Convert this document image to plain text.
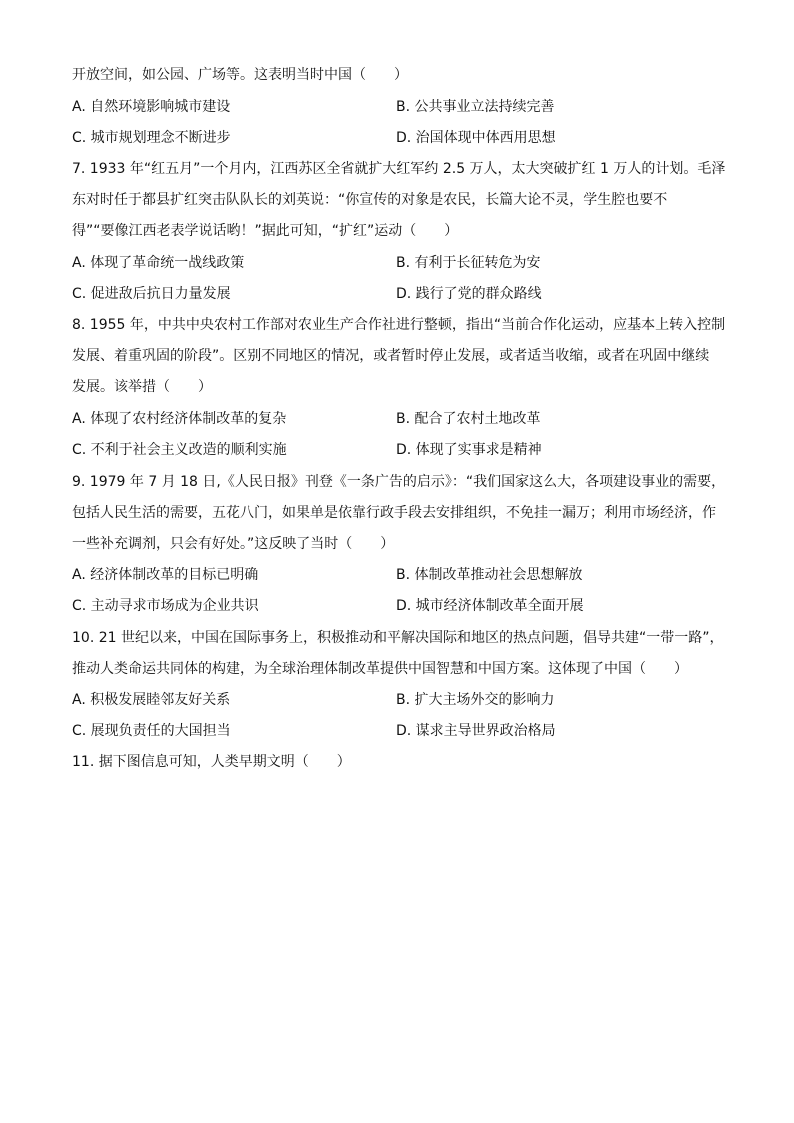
开放空间，如公园、广场等。这表明当时中国（　　）
A. 自然环境影响城市建设	B. 公共事业立法持续完善
C. 城市规划理念不断进步	D. 治国体现中体西用思想
7. 1933 年“红五月”一个月内，江西苏区全省就扩大红军约 2.5 万人，太大突破扩红 1 万人的计划。毛泽
东对时任于都县扩红突击队队长的刘英说：“你宣传的对象是农民，长篇大论不灵，学生腔也要不
得”“要像江西老表学说话哟！”据此可知，“扩红”运动（　　）
A. 体现了革命统一战线政策	B. 有利于长征转危为安
C. 促进敌后抗日力量发展	D. 践行了党的群众路线
8. 1955 年，中共中央农村工作部对农业生产合作社进行整顿，指出“当前合作化运动，应基本上转入控制
发展、着重巩固的阶段”。区别不同地区的情况，或者暂时停止发展，或者适当收缩，或者在巩固中继续
发展。该举措（　　）
A. 体现了农村经济体制改革的复杂	B. 配合了农村土地改革
C. 不利于社会主义改造的顺利实施	D. 体现了实事求是精神
9. 1979 年 7 月 18 日,《人民日报》刊登《一条广告的启示》：“我们国家这么大，各项建设事业的需要，
包括人民生活的需要，五花八门，如果单是依靠行政手段去安排组织，不免挂一漏万；利用市场经济，作
一些补充调剂，只会有好处。”这反映了当时（　　）
A. 经济体制改革的目标已明确	B. 体制改革推动社会思想解放
C. 主动寻求市场成为企业共识	D. 城市经济体制改革全面开展
10. 21 世纪以来，中国在国际事务上，积极推动和平解决国际和地区的热点问题，倡导共建“一带一路”，
推动人类命运共同体的构建，为全球治理体制改革提供中国智慧和中国方案。这体现了中国（　　）
A. 积极发展睦邻友好关系	B. 扩大主场外交的影响力
C. 展现负责任的大国担当	D. 谋求主导世界政治格局
11. 据下图信息可知，人类早期文明（　　）
